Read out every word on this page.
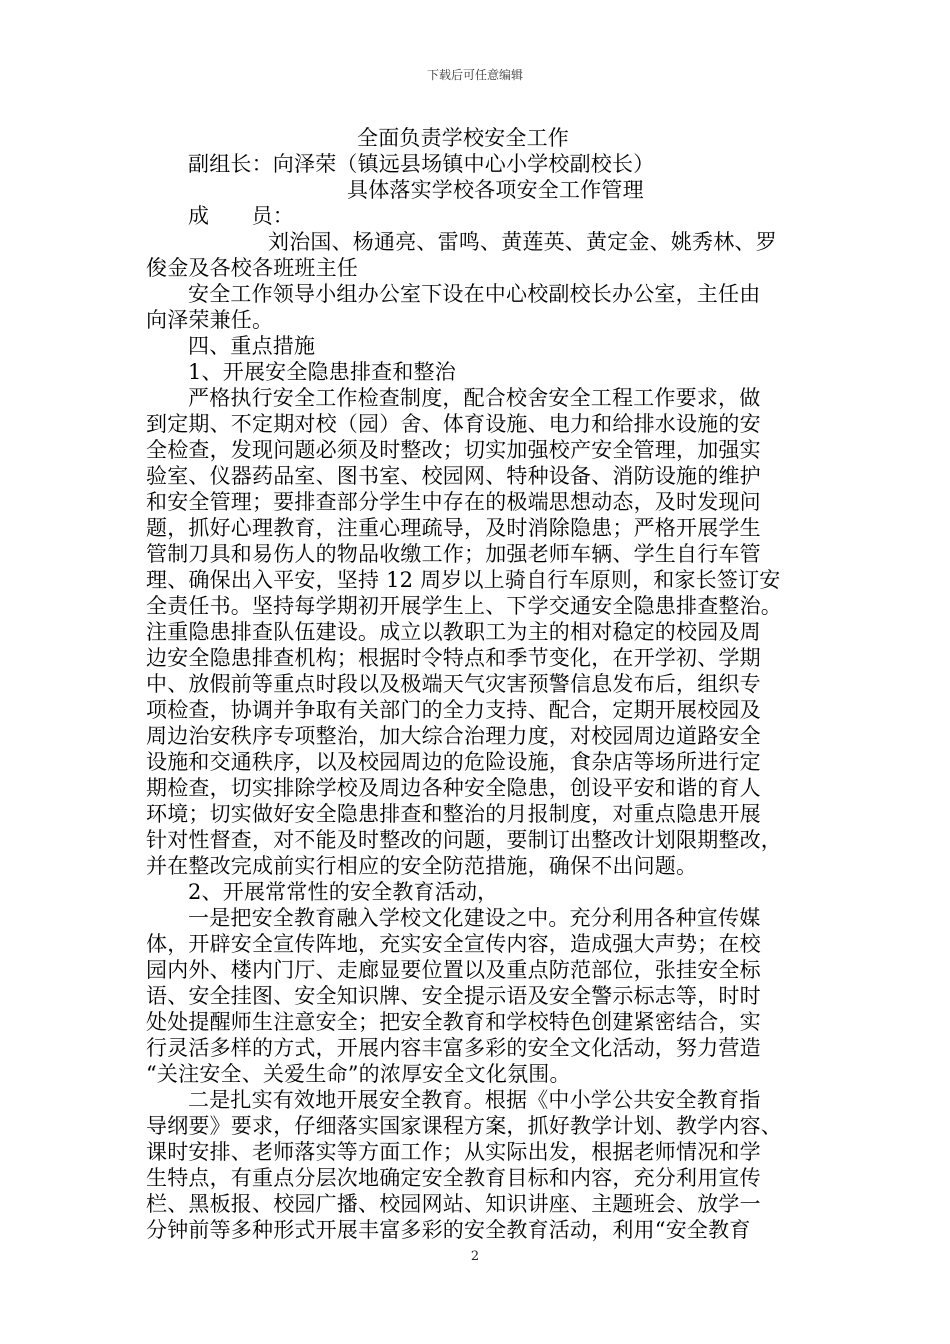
下载后可任意编辑
全面负责学校安全工作
副组长：向泽荣（镇远县场镇中心小学校副校长）
具体落实学校各项安全工作管理
成　　员：
刘治国、杨通亮、雷鸣、黄莲英、黄定金、姚秀林、罗
俊金及各校各班班主任
安全工作领导小组办公室下设在中心校副校长办公室，主任由
向泽荣兼任。
四、重点措施
1、开展安全隐患排查和整治
严格执行安全工作检查制度，配合校舍安全工程工作要求，做
到定期、不定期对校（园）舍、体育设施、电力和给排水设施的安
全检查，发现问题必须及时整改；切实加强校产安全管理，加强实
验室、仪器药品室、图书室、校园网、特种设备、消防设施的维护
和安全管理；要排查部分学生中存在的极端思想动态，及时发现问
题，抓好心理教育，注重心理疏导，及时消除隐患；严格开展学生
管制刀具和易伤人的物品收缴工作；加强老师车辆、学生自行车管
理、确保出入平安，坚持 12 周岁以上骑自行车原则，和家长签订安
全责任书。坚持每学期初开展学生上、下学交通安全隐患排查整治。
注重隐患排查队伍建设。成立以教职工为主的相对稳定的校园及周
边安全隐患排查机构；根据时令特点和季节变化，在开学初、学期
中、放假前等重点时段以及极端天气灾害预警信息发布后，组织专
项检查，协调并争取有关部门的全力支持、配合，定期开展校园及
周边治安秩序专项整治，加大综合治理力度，对校园周边道路安全
设施和交通秩序，以及校园周边的危险设施，食杂店等场所进行定
期检查，切实排除学校及周边各种安全隐患，创设平安和谐的育人
环境；切实做好安全隐患排查和整治的月报制度，对重点隐患开展
针对性督查，对不能及时整改的问题，要制订出整改计划限期整改，
并在整改完成前实行相应的安全防范措施，确保不出问题。
2、开展常常性的安全教育活动，
一是把安全教育融入学校文化建设之中。充分利用各种宣传媒
体，开辟安全宣传阵地，充实安全宣传内容，造成强大声势；在校
园内外、楼内门厅、走廊显要位置以及重点防范部位，张挂安全标
语、安全挂图、安全知识牌、安全提示语及安全警示标志等，时时
处处提醒师生注意安全；把安全教育和学校特色创建紧密结合，实
行灵活多样的方式，开展内容丰富多彩的安全文化活动，努力营造
“关注安全、关爱生命”的浓厚安全文化氛围。
二是扎实有效地开展安全教育。根据《中小学公共安全教育指
导纲要》要求，仔细落实国家课程方案，抓好教学计划、教学内容、
课时安排、老师落实等方面工作；从实际出发，根据老师情况和学
生特点，有重点分层次地确定安全教育目标和内容，充分利用宣传
栏、黑板报、校园广播、校园网站、知识讲座、主题班会、放学一
分钟前等多种形式开展丰富多彩的安全教育活动，利用“安全教育
2
